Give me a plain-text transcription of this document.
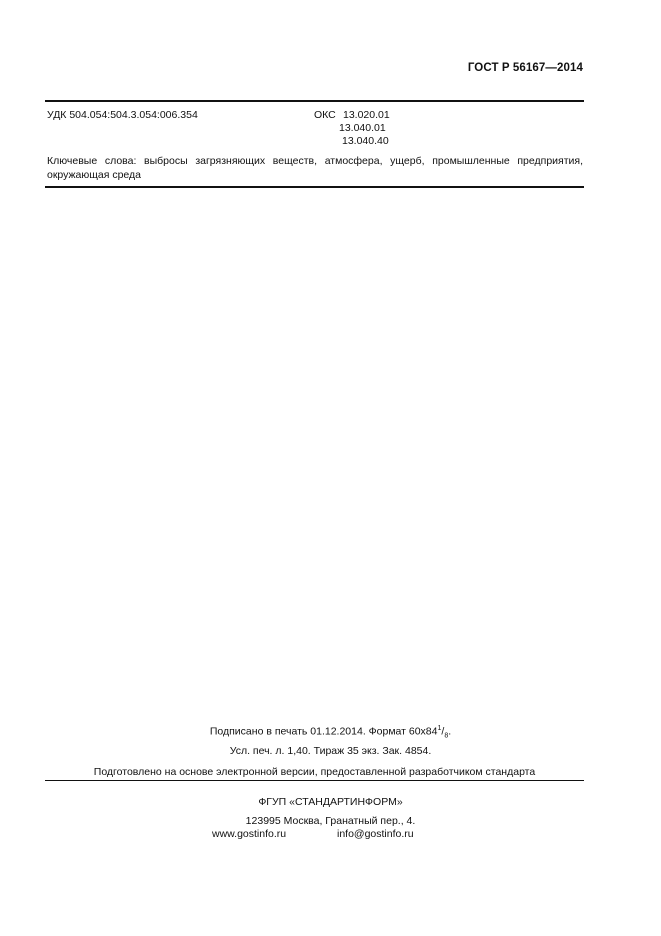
ГОСТ Р 56167—2014
УДК 504.054:504.3.054:006.354	ОКС 13.020.01
13.040.01
13.040.40
Ключевые слова: выбросы загрязняющих веществ, атмосфера, ущерб, промышленные предприятия, окружающая среда
Подписано в печать 01.12.2014. Формат $60x84^1/_8$.
Усл. печ. л. 1,40. Тираж 35 экз. Зак. 4854.
Подготовлено на основе электронной версии, предоставленной разработчиком стандарта
ФГУП «СТАНДАРТИНФОРМ»
123995 Москва, Гранатный пер., 4.
www.gostinfo.ru	info@gostinfo.ru
